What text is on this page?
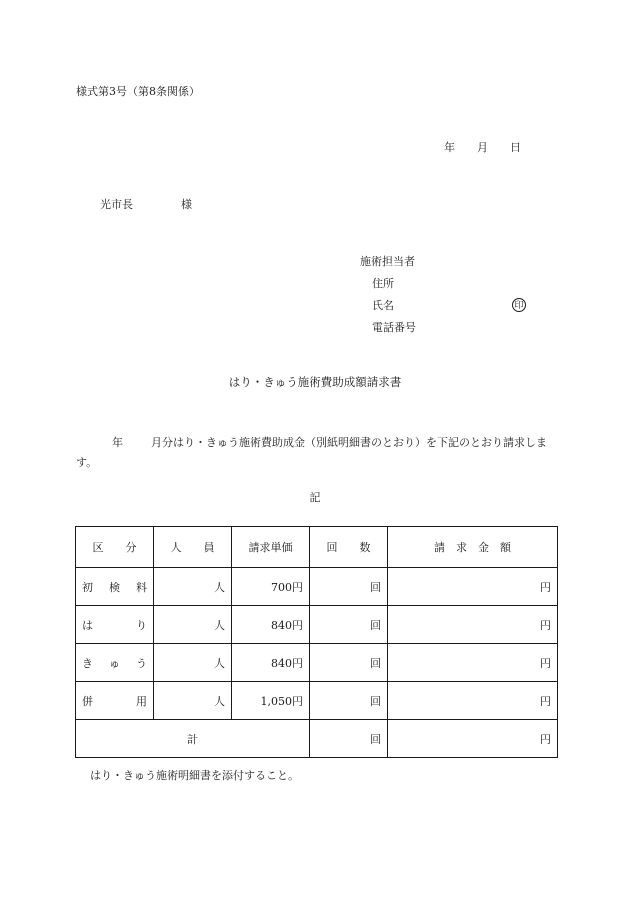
様式第3号（第8条関係）
年 月 日
光市長	様
施術担当者
住所
氏名
電話番号
印
はり・きゅう施術費助成額請求書
年	月分はり・きゅう施術費助成金（別紙明細書のとおり）を下記のとおり請求します。
記
区　　分	人　　員	請求単価	回　　数	請　求　金　額

初 検 料	人	700円	回	円

は り	人	840円	回	円

き ゅ う	人	840円	回	円

併 用	人	1,050円	回	円
計			回	円
はり・きゅう施術明細書を添付すること。
